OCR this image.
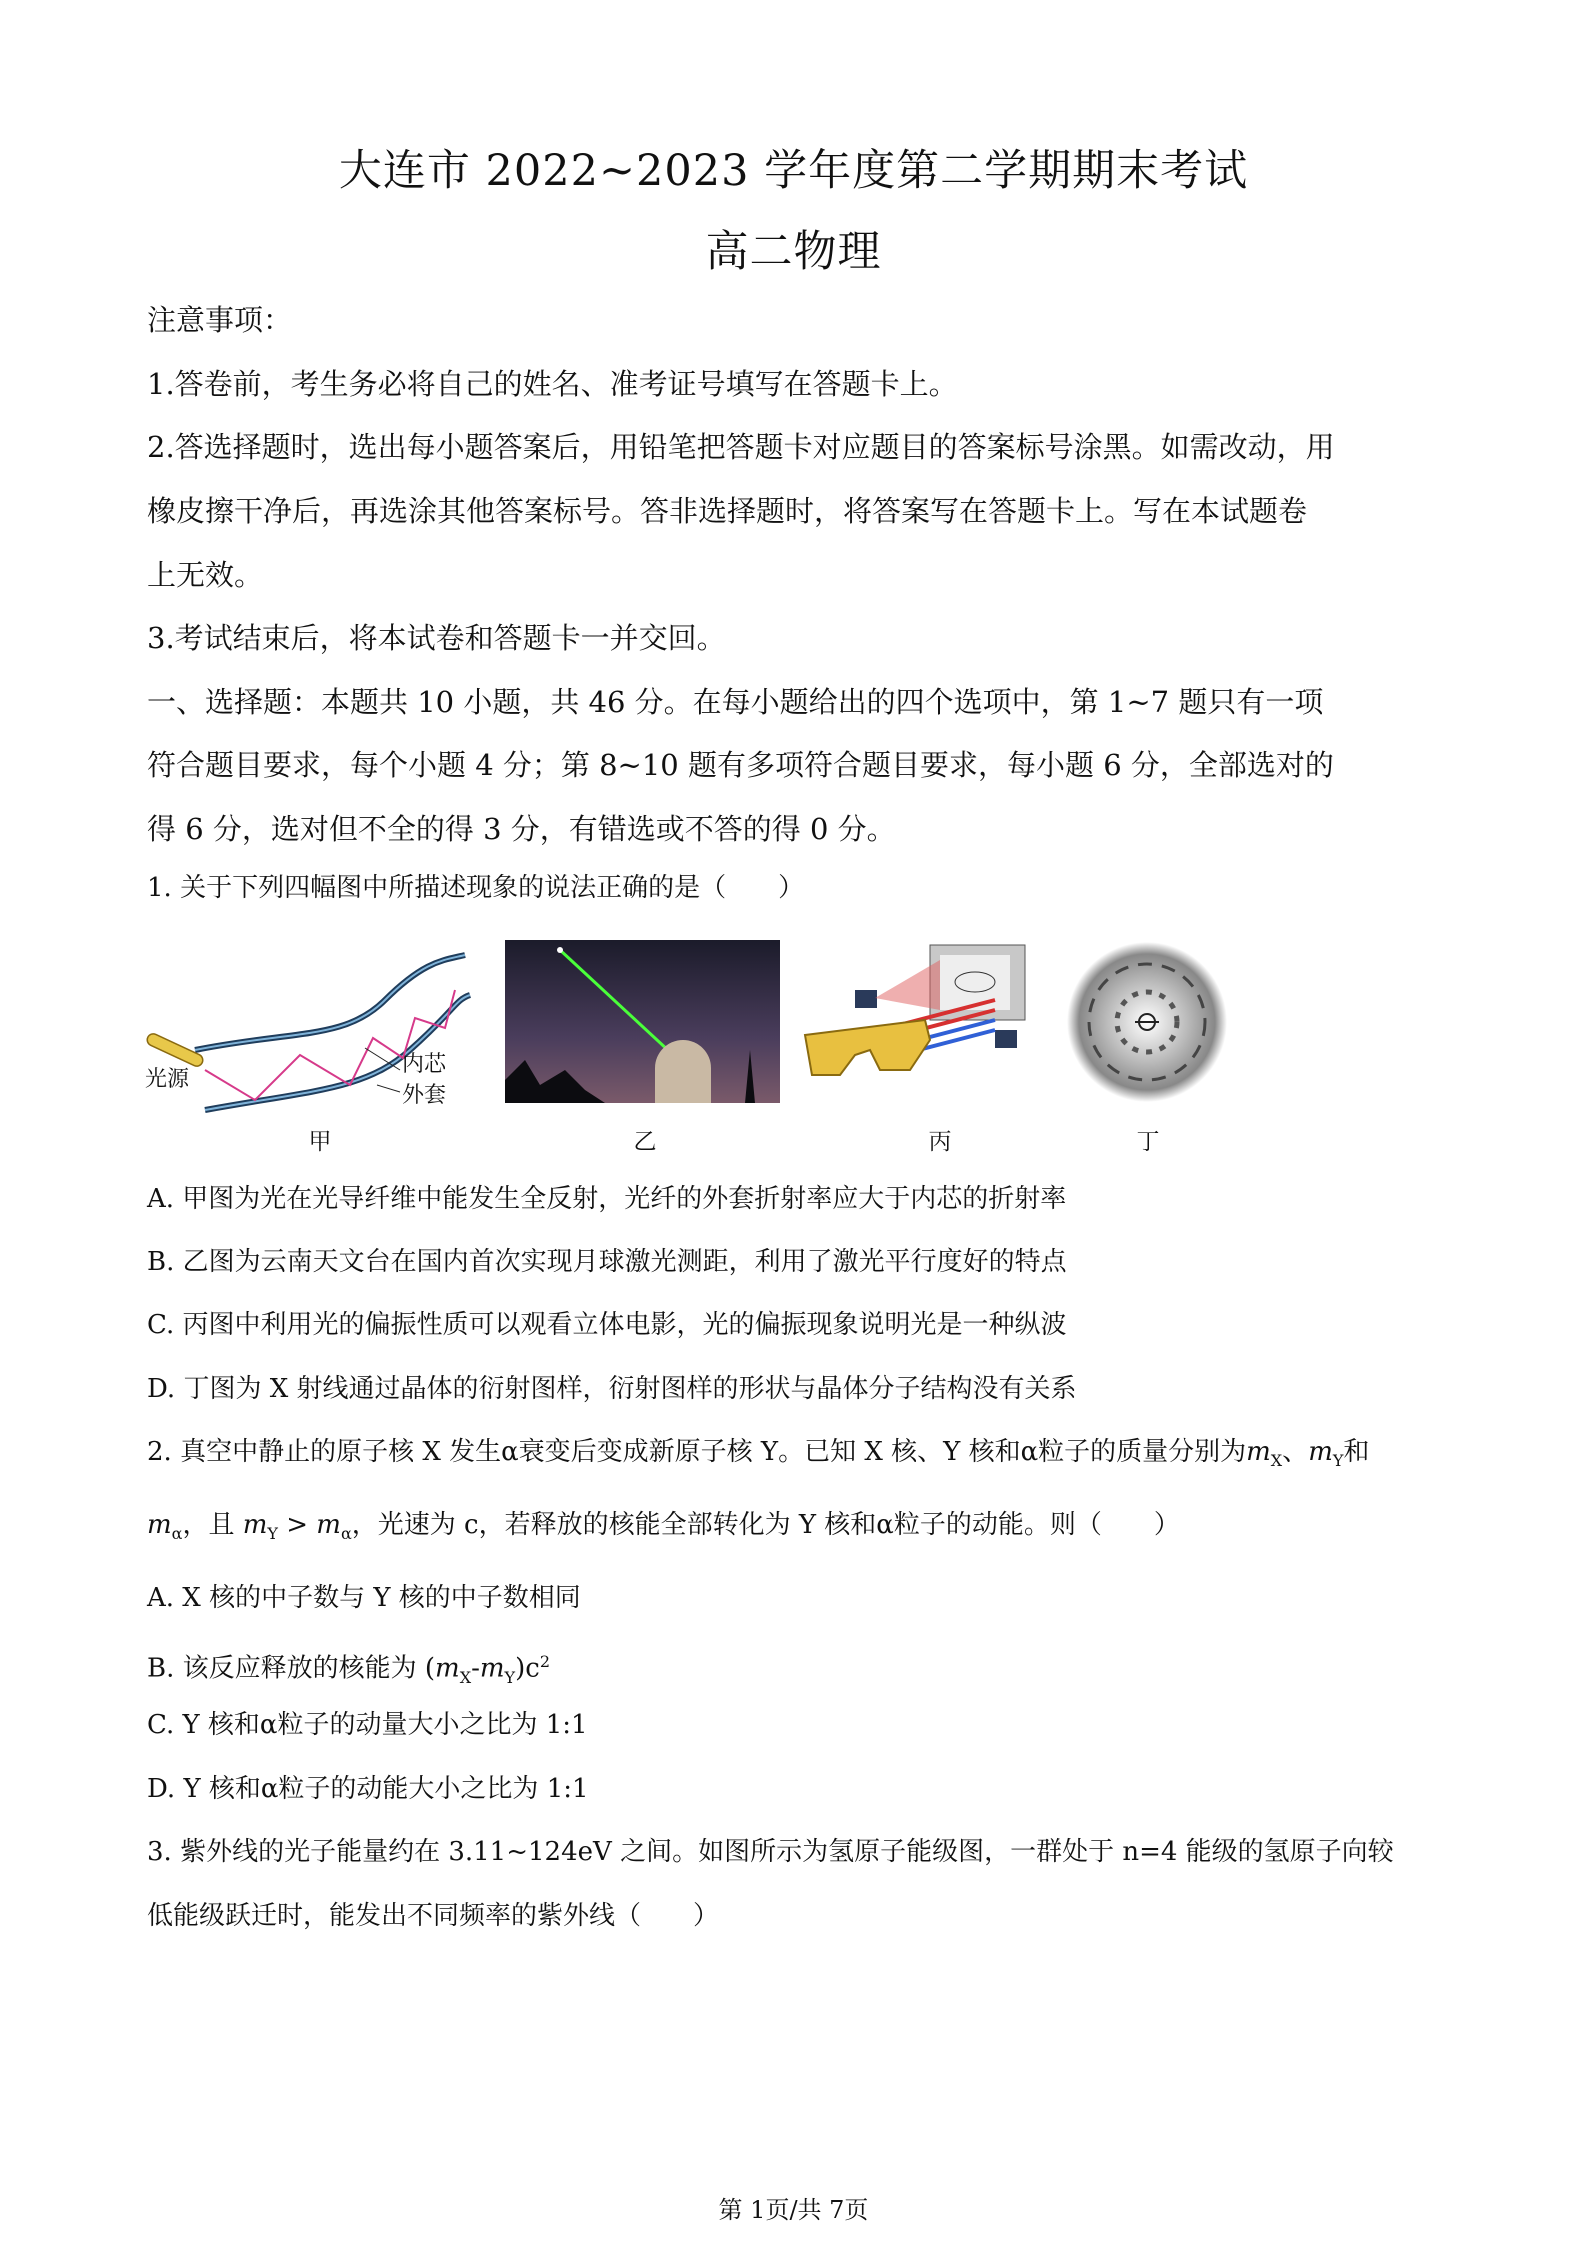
大连市 2022~2023 学年度第二学期期末考试
高二物理
注意事项：
1.答卷前，考生务必将自己的姓名、准考证号填写在答题卡上。
2.答选择题时，选出每小题答案后，用铅笔把答题卡对应题目的答案标号涂黑。如需改动，用
橡皮擦干净后，再选涂其他答案标号。答非选择题时，将答案写在答题卡上。写在本试题卷
上无效。
3.考试结束后，将本试卷和答题卡一并交回。
一、选择题：本题共 10 小题，共 46 分。在每小题给出的四个选项中，第 1~7 题只有一项
符合题目要求，每个小题 4 分；第 8~10 题有多项符合题目要求，每小题 6 分，全部选对的
得 6 分，选对但不全的得 3 分，有错选或不答的得 0 分。
1. 关于下列四幅图中所描述现象的说法正确的是（　　）
光源
内芯
外套
甲	乙	丙	丁
A. 甲图为光在光导纤维中能发生全反射，光纤的外套折射率应大于内芯的折射率
B. 乙图为云南天文台在国内首次实现月球激光测距，利用了激光平行度好的特点
C. 丙图中利用光的偏振性质可以观看立体电影，光的偏振现象说明光是一种纵波
D. 丁图为 X 射线通过晶体的衍射图样，衍射图样的形状与晶体分子结构没有关系
2. 真空中静止的原子核 X 发生α衰变后变成新原子核 Y。已知 X 核、Y 核和α粒子的质量分别为$m_X$、$m_Y$和
$m_\alpha$，且 $m_Y > m_\alpha$，光速为 c，若释放的核能全部转化为 Y 核和α粒子的动能。则（　　）
A. X 核的中子数与 Y 核的中子数相同
B. 该反应释放的核能为 $(m_X-m_Y)c^2$
C. Y 核和α粒子的动量大小之比为 1:1
D. Y 核和α粒子的动能大小之比为 1:1
3. 紫外线的光子能量约在 3.11~124eV 之间。如图所示为氢原子能级图，一群处于 n=4 能级的氢原子向较
低能级跃迁时，能发出不同频率的紫外线（　　）
第 1页/共 7页
